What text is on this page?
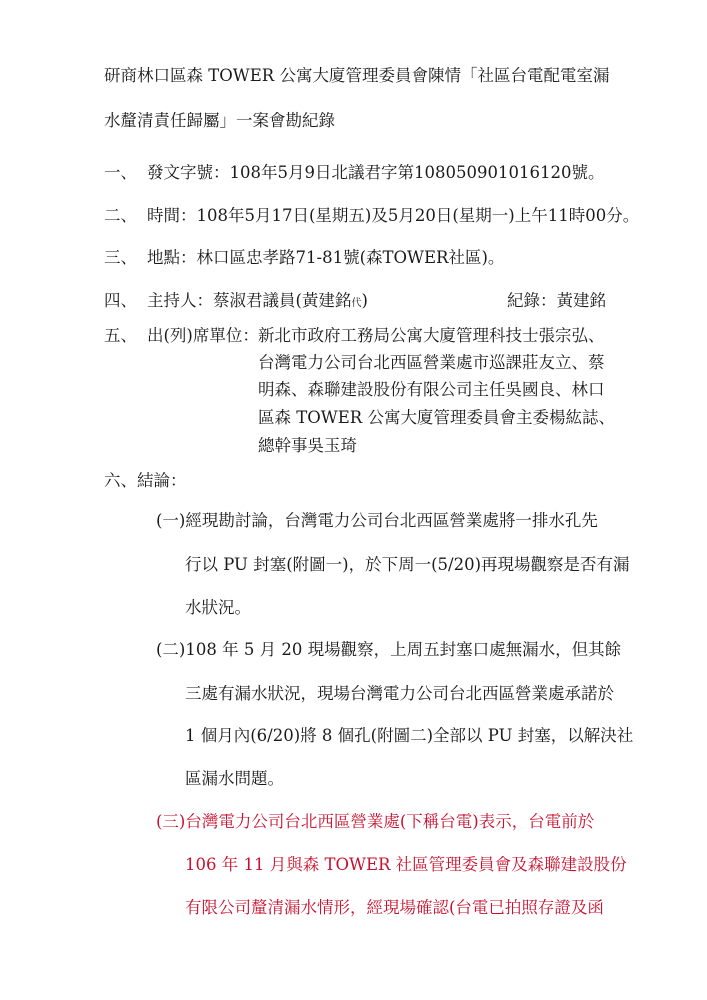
研商林口區森 TOWER 公寓大廈管理委員會陳情「社區台電配電室漏
水釐清責任歸屬」一案會勘紀錄
一、 發文字號：108年5月9日北議君字第108050901016120號。
二、 時間：108年5月17日(星期五)及5月20日(星期一)上午11時00分。
三、 地點：林口區忠孝路71-81號(森TOWER社區)。
四、 主持人：蔡淑君議員(黃建銘代)	紀錄：黃建銘
五、 出(列)席單位： 新北市政府工務局公寓大廈管理科技士張宗弘、
台灣電力公司台北西區營業處市巡課莊友立、蔡
明森、森聯建設股份有限公司主任吳國良、林口
區森 TOWER 公寓大廈管理委員會主委楊紘誌、
總幹事吳玉琦
六、結論：
(一)經現勘討論，台灣電力公司台北西區營業處將一排水孔先
行以 PU 封塞(附圖一)，於下周一(5/20)再現場觀察是否有漏
水狀況。
(二)108 年 5 月 20 現場觀察，上周五封塞口處無漏水，但其餘
三處有漏水狀況，現場台灣電力公司台北西區營業處承諾於
1 個月內(6/20)將 8 個孔(附圖二)全部以 PU 封塞，以解決社
區漏水問題。
(三)台灣電力公司台北西區營業處(下稱台電)表示，台電前於
106 年 11 月與森 TOWER 社區管理委員會及森聯建設股份
有限公司釐清漏水情形，經現場確認(台電已拍照存證及函
